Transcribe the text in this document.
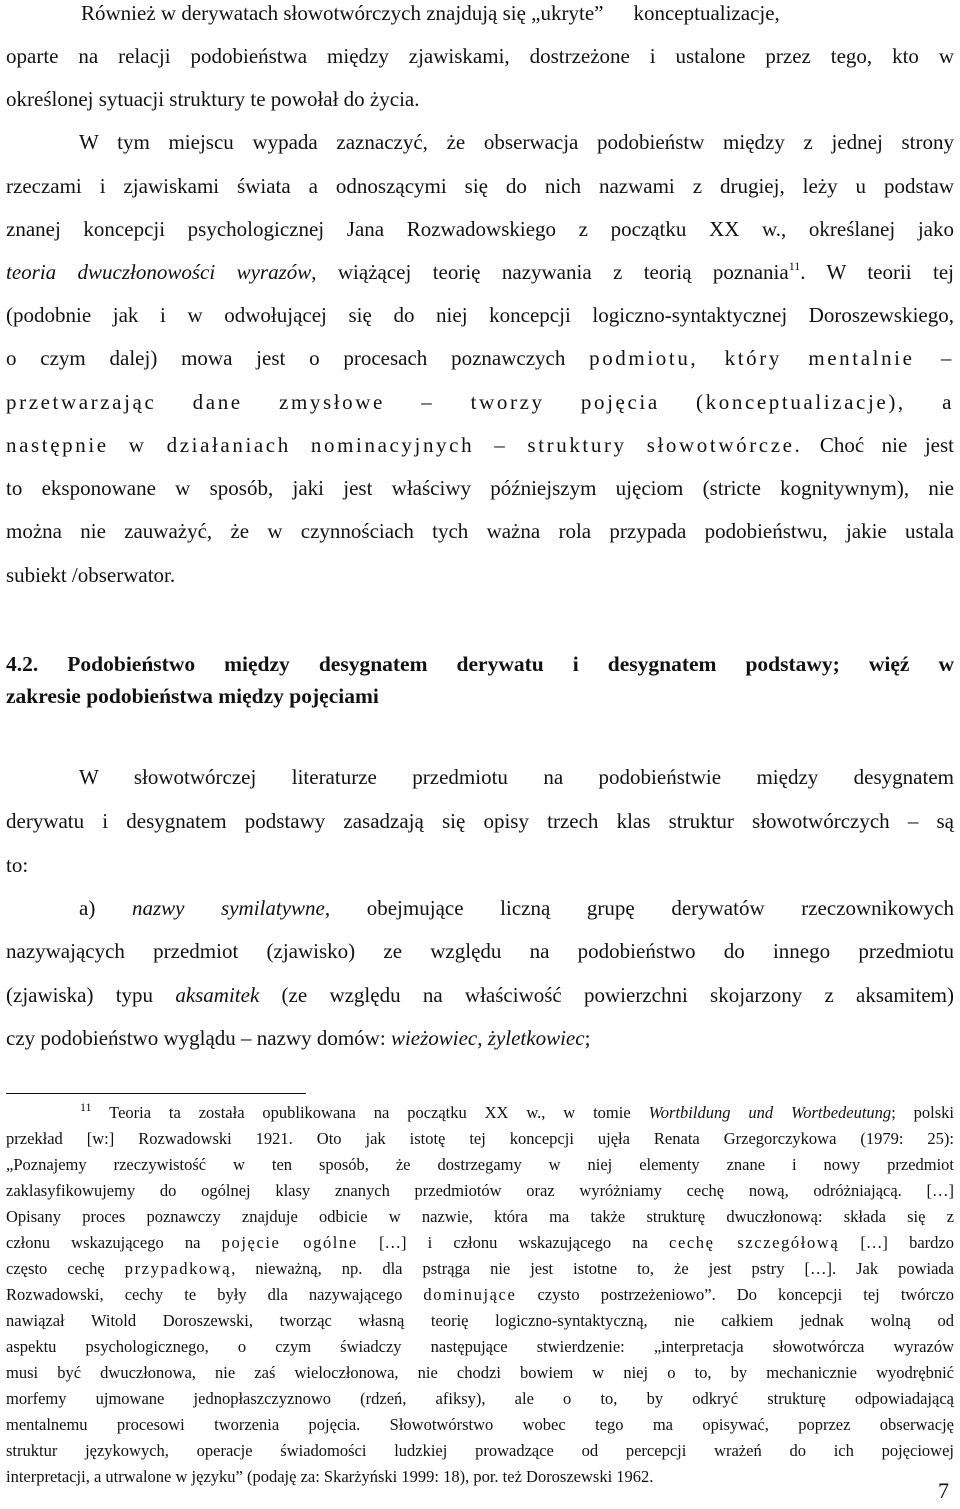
Również w derywatach słowotwórczych znajdują się „ukryte” konceptualizacje,
oparte na relacji podobieństwa między zjawiskami, dostrzeżone i ustalone przez tego, kto w
określonej sytuacji struktury te powołał do życia.
W tym miejscu wypada zaznaczyć, że obserwacja podobieństw między z jednej strony
rzeczami i zjawiskami świata a odnoszącymi się do nich nazwami z drugiej, leży u podstaw
znanej koncepcji psychologicznej Jana Rozwadowskiego z początku XX w., określanej jako
teoria dwuczłonowości wyrazów, wiążącej teorię nazywania z teorią poznania$^{11}$. W teorii tej
(podobnie jak i w odwołującej się do niej koncepcji logiczno-syntaktycznej Doroszewskiego,
o czym dalej) mowa jest o procesach poznawczych podmiotu, który mentalnie –
przetwarzając dane zmysłowe – tworzy pojęcia (konceptualizacje), a
następnie w działaniach nominacyjnych – struktury słowotwórcze. Choć nie jest
to eksponowane w sposób, jaki jest właściwy późniejszym ujęciom (stricte kognitywnym), nie
można nie zauważyć, że w czynnościach tych ważna rola przypada podobieństwu, jakie ustala
subiekt /obserwator.
4.2. Podobieństwo między desygnatem derywatu i desygnatem podstawy; więź w
zakresie podobieństwa między pojęciami
W słowotwórczej literaturze przedmiotu na podobieństwie między desygnatem
derywatu i desygnatem podstawy zasadzają się opisy trzech klas struktur słowotwórczych – są
to:
a) nazwy symilatywne, obejmujące liczną grupę derywatów rzeczownikowych
nazywających przedmiot (zjawisko) ze względu na podobieństwo do innego przedmiotu
(zjawiska) typu aksamitek (ze względu na właściwość powierzchni skojarzony z aksamitem)
czy podobieństwo wyglądu – nazwy domów: wieżowiec, żyletkowiec;
$^{11}$ Teoria ta została opublikowana na początku XX w., w tomie Wortbildung und Wortbedeutung; polski
przekład [w:] Rozwadowski 1921. Oto jak istotę tej koncepcji ujęła Renata Grzegorczykowa (1979: 25):
„Poznajemy rzeczywistość w ten sposób, że dostrzegamy w niej elementy znane i nowy przedmiot
zaklasyfikowujemy do ogólnej klasy znanych przedmiotów oraz wyróżniamy cechę nową, odróżniającą. […]
Opisany proces poznawczy znajduje odbicie w nazwie, która ma także strukturę dwuczłonową: składa się z
członu wskazującego na pojęcie ogólne […] i członu wskazującego na cechę szczegółową […] bardzo
często cechę przypadkową, nieważną, np. dla pstrąga nie jest istotne to, że jest pstry […]. Jak powiada
Rozwadowski, cechy te były dla nazywającego dominujące czysto postrzeżeniowo”. Do koncepcji tej twórczo
nawiązał Witold Doroszewski, tworząc własną teorię logiczno-syntaktyczną, nie całkiem jednak wolną od
aspektu psychologicznego, o czym świadczy następujące stwierdzenie: „interpretacja słowotwórcza wyrazów
musi być dwuczłonowa, nie zaś wieloczłonowa, nie chodzi bowiem w niej o to, by mechanicznie wyodrębnić
morfemy ujmowane jednopłaszczyznowo (rdzeń, afiksy), ale o to, by odkryć strukturę odpowiadającą
mentalnemu procesowi tworzenia pojęcia. Słowotwórstwo wobec tego ma opisywać, poprzez obserwację
struktur językowych, operacje świadomości ludzkiej prowadzące od percepcji wrażeń do ich pojęciowej
interpretacji, a utrwalone w języku” (podaję za: Skarżyński 1999: 18), por. też Doroszewski 1962.
7
